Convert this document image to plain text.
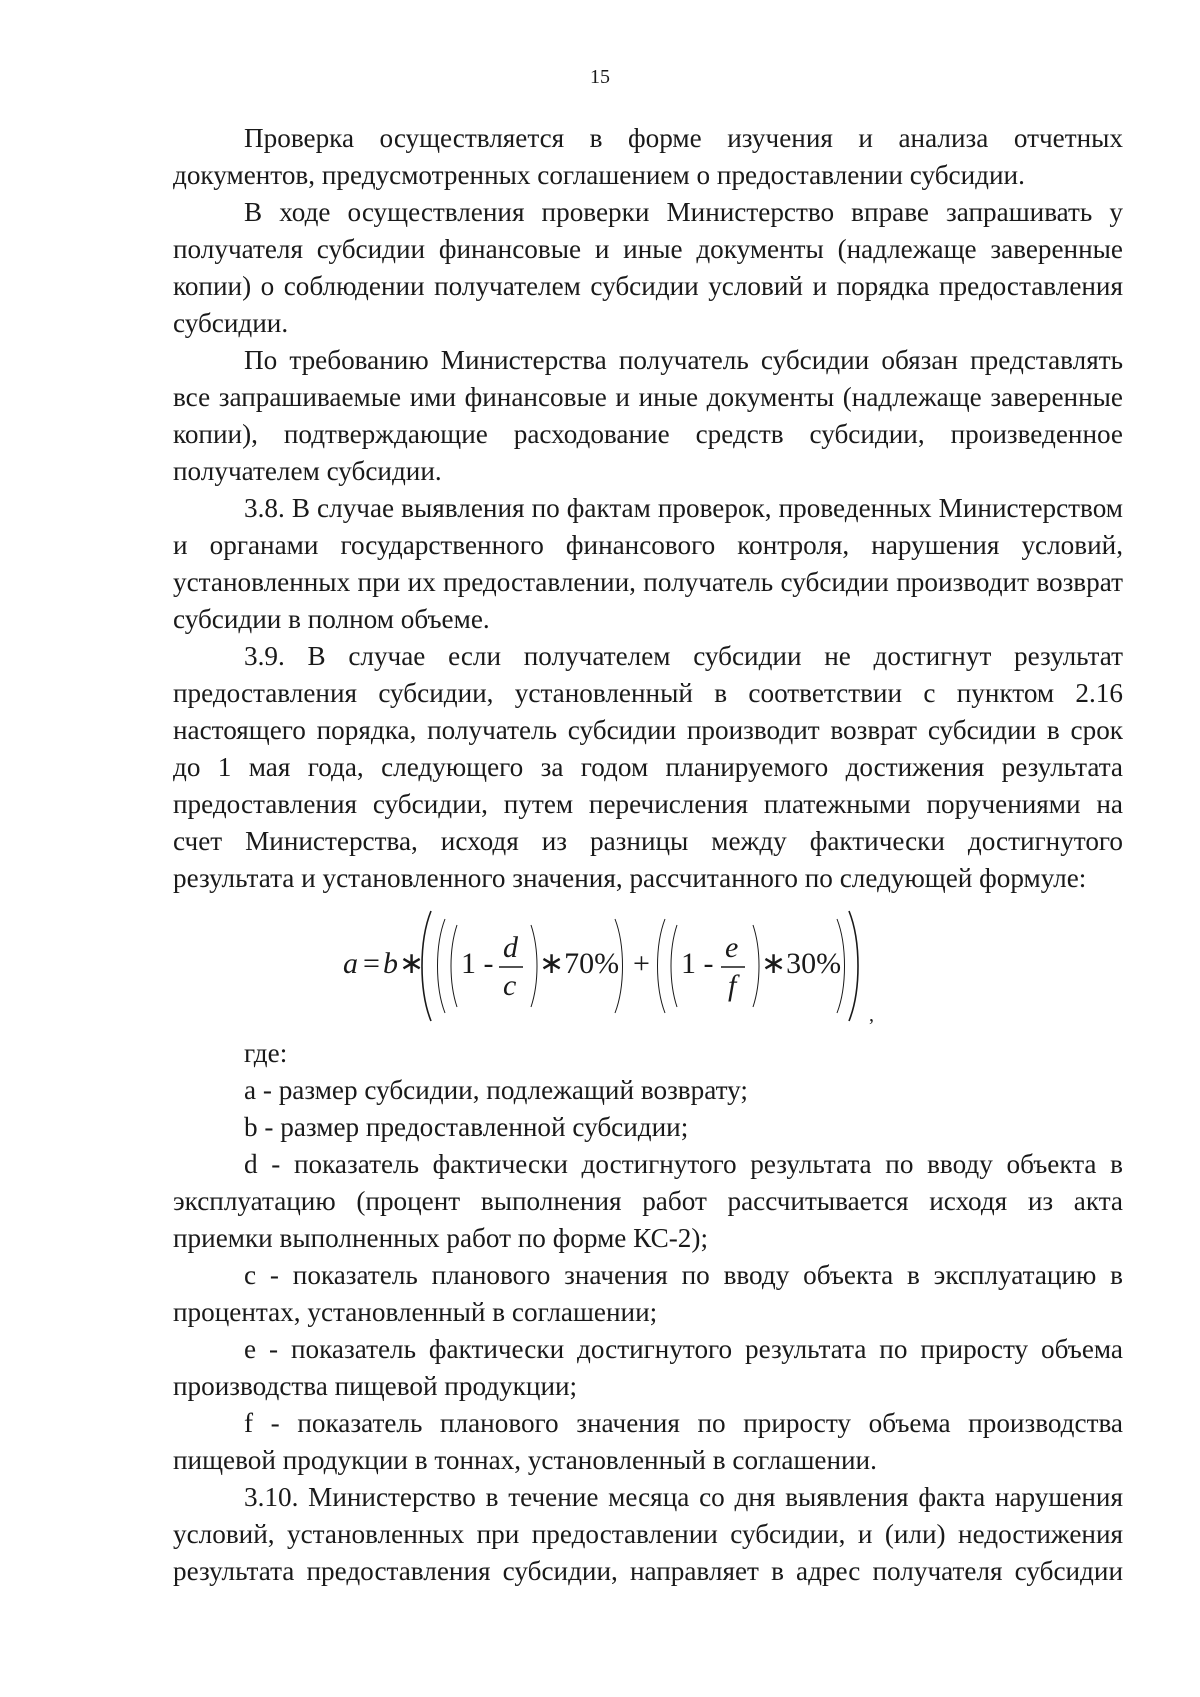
15

Проверка осуществляется в форме изучения и анализа отчетных документов, предусмотренных соглашением о предоставлении субсидии.

В ходе осуществления проверки Министерство вправе запрашивать у получателя субсидии финансовые и иные документы (надлежаще заверенные копии) о соблюдении получателем субсидии условий и порядка предоставления субсидии.

По требованию Министерства получатель субсидии обязан представлять все запрашиваемые ими финансовые и иные документы (надлежаще заверенные копии), подтверждающие расходование средств субсидии, произведенное получателем субсидии.

3.8. В случае выявления по фактам проверок, проведенных Министерством и органами государственного финансового контроля, нарушения условий, установленных при их предоставлении, получатель субсидии производит возврат субсидии в полном объеме.

3.9. В случае если получателем субсидии не достигнут результат предоставления субсидии, установленный в соответствии с пунктом 2.16 настоящего порядка, получатель субсидии производит возврат субсидии в срок до 1 мая года, следующего за годом планируемого достижения результата предоставления субсидии, путем перечисления платежными поручениями на счет Министерства, исходя из разницы между фактически достигнутого результата и установленного значения, рассчитанного по следующей формуле:

a = b ∗ 1 - d
c
∗70% + 1 - e
f
∗30%
,

где:

a - размер субсидии, подлежащий возврату;

b - размер предоставленной субсидии;

d - показатель фактически достигнутого результата по вводу объекта в эксплуатацию (процент выполнения работ рассчитывается исходя из акта приемки выполненных работ по форме КС-2);

c - показатель планового значения по вводу объекта в эксплуатацию в процентах, установленный в соглашении;

e - показатель фактически достигнутого результата по приросту объема производства пищевой продукции;

f - показатель планового значения по приросту объема производства пищевой продукции в тоннах, установленный в соглашении.

3.10. Министерство в течение месяца со дня выявления факта нарушения условий, установленных при предоставлении субсидии, и (или) недостижения результата предоставления субсидии, направляет в адрес получателя субсидии
